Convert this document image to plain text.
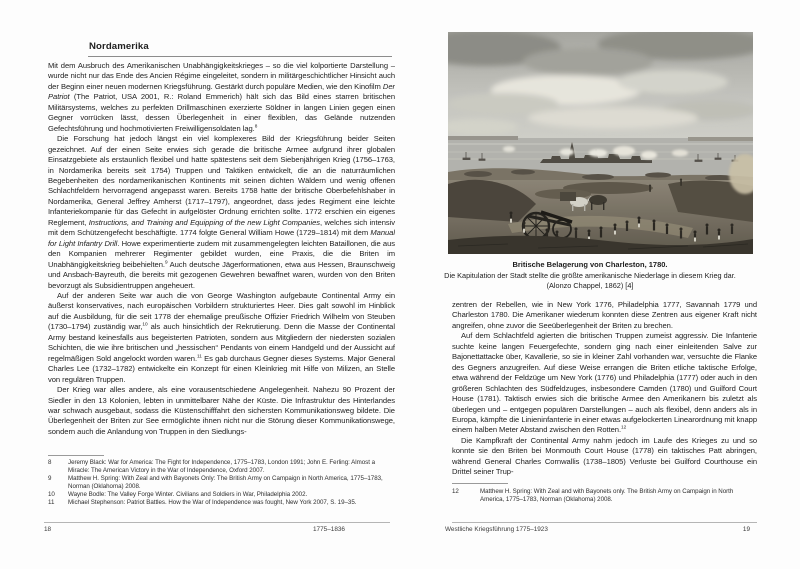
Nordamerika

Mit dem Ausbruch des Amerikanischen Unabhängigkeitskrieges – so die viel kolportierte Darstellung – wurde nicht nur das Ende des Ancien Régime eingeleitet, sondern in militärgeschichtlicher Hinsicht auch der Beginn einer neuen modernen Kriegsführung. Gestärkt durch populäre Medien, wie den Kinofilm Der Patriot (The Patriot, USA 2001, R.: Roland Emmerich) hält sich das Bild eines starren britischen Militärsystems, welches zu perfekten Drillmaschinen exerzierte Söldner in langen Linien gegen einen Gegner vorrücken lässt, dessen Überlegenheit in einer flexiblen, das Gelände nutzenden Gefechtsführung und hochmotivierten Freiwilligensoldaten lag.$^8$

Die Forschung hat jedoch längst ein viel komplexeres Bild der Kriegsführung beider Seiten gezeichnet. Auf der einen Seite erwies sich gerade die britische Armee aufgrund ihrer globalen Einsatzgebiete als erstaunlich flexibel und hatte spätestens seit dem Siebenjährigen Krieg (1756–1763, in Nordamerika bereits seit 1754) Truppen und Taktiken entwickelt, die an die naturräumlichen Begebenheiten des nordamerikanischen Kontinents mit seinen dichten Wäldern und wenig offenen Schlachtfeldern hervorragend angepasst waren. Bereits 1758 hatte der britische Oberbefehlshaber in Nordamerika, General Jeffrey Amherst (1717–1797), angeordnet, dass jedes Regiment eine leichte Infanteriekompanie für das Gefecht in aufgelöster Ordnung errichten sollte. 1772 erschien ein eigenes Reglement, Instructions, and Training and Equipping of the new Light Companies, welches sich intensiv mit dem Schützengefecht beschäftigte. 1774 folgte General William Howe (1729–1814) mit dem Manual for Light Infantry Drill. Howe experimentierte zudem mit zusammengelegten leichten Bataillonen, die aus den Kompanien mehrerer Regimenter gebildet wurden, eine Praxis, die die Briten im Unabhängigkeitskrieg beibehielten.$^9$ Auch deutsche Jägerformationen, etwa aus Hessen, Braunschweig und Ansbach-Bayreuth, die bereits mit gezogenen Gewehren bewaffnet waren, wurden von den Briten bevorzugt als Subsidientruppen angeheuert.

Auf der anderen Seite war auch die von George Washington aufgebaute Continental Army ein äußerst konservatives, nach europäischen Vorbildern strukturiertes Heer. Dies galt sowohl im Hinblick auf die Ausbildung, für die seit 1778 der ehemalige preußische Offizier Friedrich Wilhelm von Steuben (1730–1794) zuständig war,$^{10}$ als auch hinsichtlich der Rekrutierung. Denn die Masse der Continental Army bestand keinesfalls aus begeisterten Patrioten, sondern aus Mitgliedern der niedersten sozialen Schichten, die wie ihre britischen und „hessischen“ Pendants von einem Handgeld und der Aussicht auf regelmäßigen Sold angelockt worden waren.$^{11}$ Es gab durchaus Gegner dieses Systems. Major General Charles Lee (1732–1782) entwickelte ein Konzept für einen Kleinkrieg mit Hilfe von Milizen, an Stelle von regulären Truppen.

Der Krieg war alles andere, als eine vorausentschiedene Angelegenheit. Nahezu 90 Prozent der Siedler in den 13 Kolonien, lebten in unmittelbarer Nähe der Küste. Die Infrastruktur des Hinterlandes war schwach ausgebaut, sodass die Küstenschifffahrt den sichersten Kommunikationsweg bildete. Die Überlegenheit der Briten zur See ermöglichte ihnen nicht nur die Störung dieser Kommunikationswege, sondern auch die Anlandung von Truppen in den Siedlungs-

8	Jeremy Black: War for America: The Fight for Independence, 1775–1783, London 1991; John E. Ferling: Almost a Miracle: The American Victory in the War of Independence, Oxford 2007.
9	Matthew H. Spring: With Zeal and with Bayonets Only: The British Army on Campaign in North America, 1775–1783, Norman (Oklahoma) 2008.
10	Wayne Bodle: The Valley Forge Winter. Civilians and Soldiers in War, Philadelphia 2002.
11	Michael Stephenson: Patriot Battles. How the War of Independence was fought, New York 2007, S. 19–35.
18	1775–1836
Britische Belagerung von Charleston, 1780.
Die Kapitulation der Stadt stellte die größte amerikanische Niederlage in diesem Krieg dar.
(Alonzo Chappel, 1862) [4]

zentren der Rebellen, wie in New York 1776, Philadelphia 1777, Savannah 1779 und Charleston 1780. Die Amerikaner wiederum konnten diese Zentren aus eigener Kraft nicht angreifen, ohne zuvor die Seeüberlegenheit der Briten zu brechen.

Auf dem Schlachtfeld agierten die britischen Truppen zumeist aggressiv. Die Infanterie suchte keine langen Feuergefechte, sondern ging nach einer einleitenden Salve zur Bajonettattacke über, Kavallerie, so sie in kleiner Zahl vorhanden war, versuchte die Flanke des Gegners anzugreifen. Auf diese Weise errangen die Briten etliche taktische Erfolge, etwa während der Feldzüge um New York (1776) und Philadelphia (1777) oder auch in den größeren Schlachten des Südfeldzuges, insbesondere Camden (1780) und Guilford Court House (1781). Taktisch erwies sich die britische Armee den Amerikanern bis zuletzt als überlegen und – entgegen populären Darstellungen – auch als flexibel, denn anders als in Europa, kämpfte die Linieninfanterie in einer etwas aufgelockerten Linearordnung mit knapp einem halben Meter Abstand zwischen den Rotten.$^{12}$

Die Kampfkraft der Continental Army nahm jedoch im Laufe des Krieges zu und so konnte sie den Briten bei Monmouth Court House (1778) ein taktisches Patt abringen, während General Charles Cornwallis (1738–1805) Verluste bei Guilford Courthouse ein Drittel seiner Trup-

12	Matthew H. Spring: With Zeal and with Bayonets only. The British Army on Campaign in North America, 1775–1783, Norman (Oklahoma) 2008.
Westliche Kriegsführung 1775–1923	19
